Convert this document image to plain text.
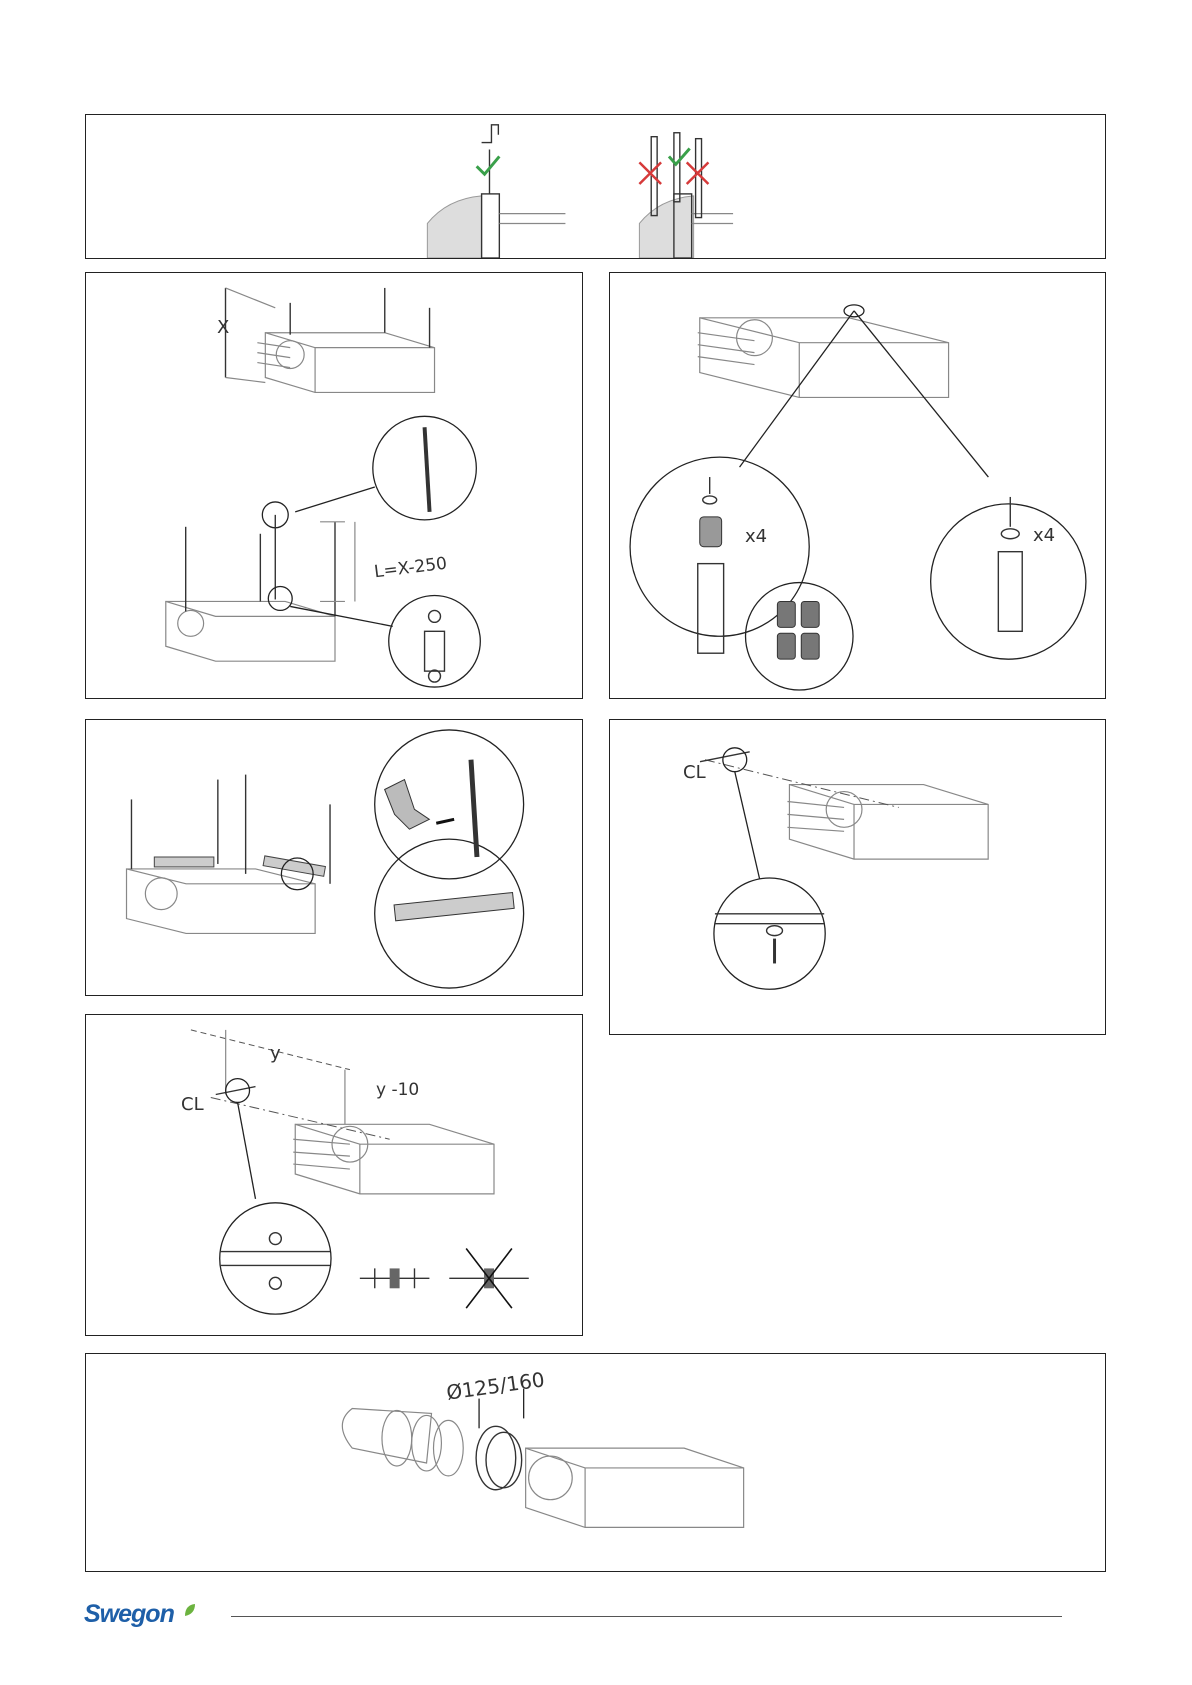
X
L=X-250
x4	x4
CL
y
y -10
CL
Ø125/160
Swegon
